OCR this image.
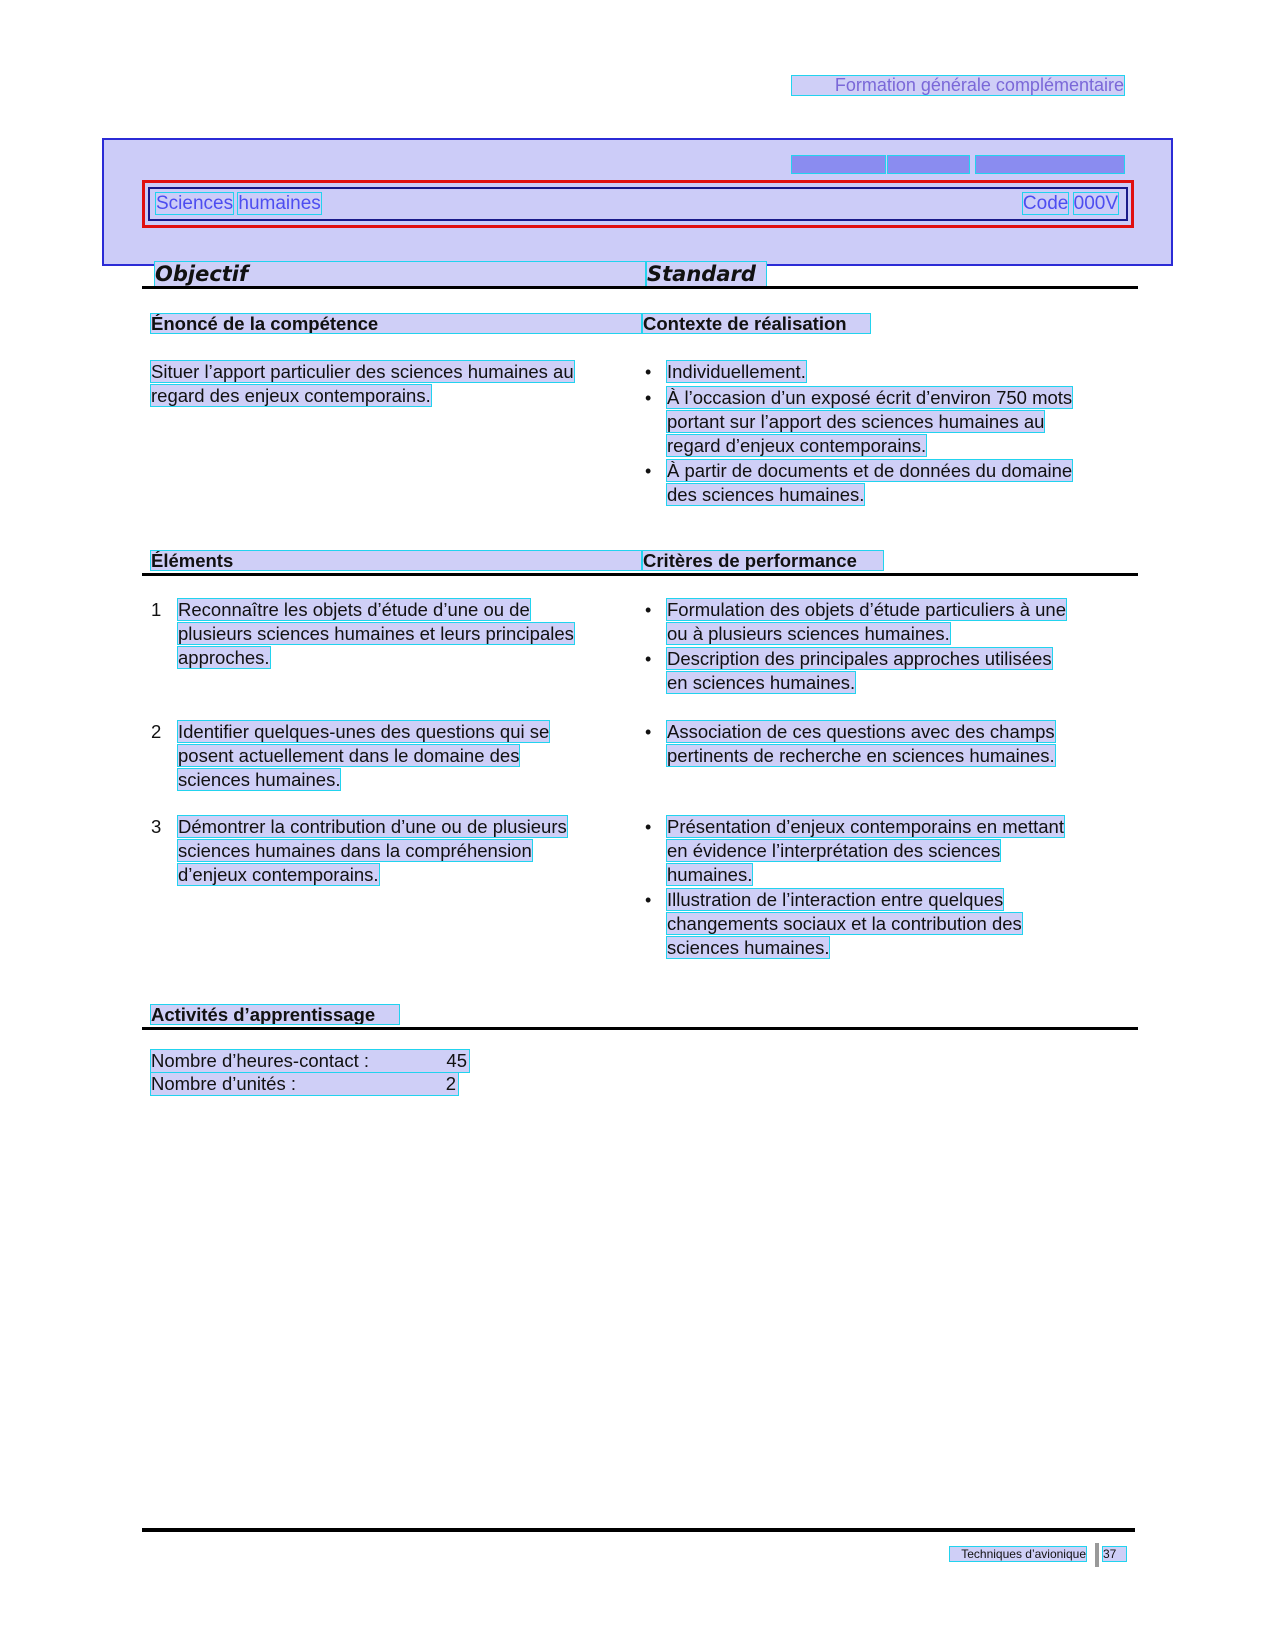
Formation générale complémentaire
Sciences humaines	Code 000V
Objectif	Standard
Énoncé de la compétence	Contexte de réalisation
Situer l’apport particulier des sciences humaines au
regard des enjeux contemporains.
• Individuellement.
• À l’occasion d’un exposé écrit d’environ 750 mots
portant sur l’apport des sciences humaines au
regard d’enjeux contemporains.
• À partir de documents et de données du domaine
des sciences humaines.
Éléments	Critères de performance
1 Reconnaître les objets d’étude d’une ou de
plusieurs sciences humaines et leurs principales
approches.
• Formulation des objets d’étude particuliers à une
ou à plusieurs sciences humaines.
• Description des principales approches utilisées
en sciences humaines.
2 Identifier quelques-unes des questions qui se
posent actuellement dans le domaine des
sciences humaines.
• Association de ces questions avec des champs
pertinents de recherche en sciences humaines.
3 Démontrer la contribution d’une ou de plusieurs
sciences humaines dans la compréhension
d’enjeux contemporains.
• Présentation d’enjeux contemporains en mettant
en évidence l’interprétation des sciences
humaines.
• Illustration de l’interaction entre quelques
changements sociaux et la contribution des
sciences humaines.
Activités d’apprentissage
Nombre d’heures-contact :	45
Nombre d’unités :	2
Techniques d’avionique 37
